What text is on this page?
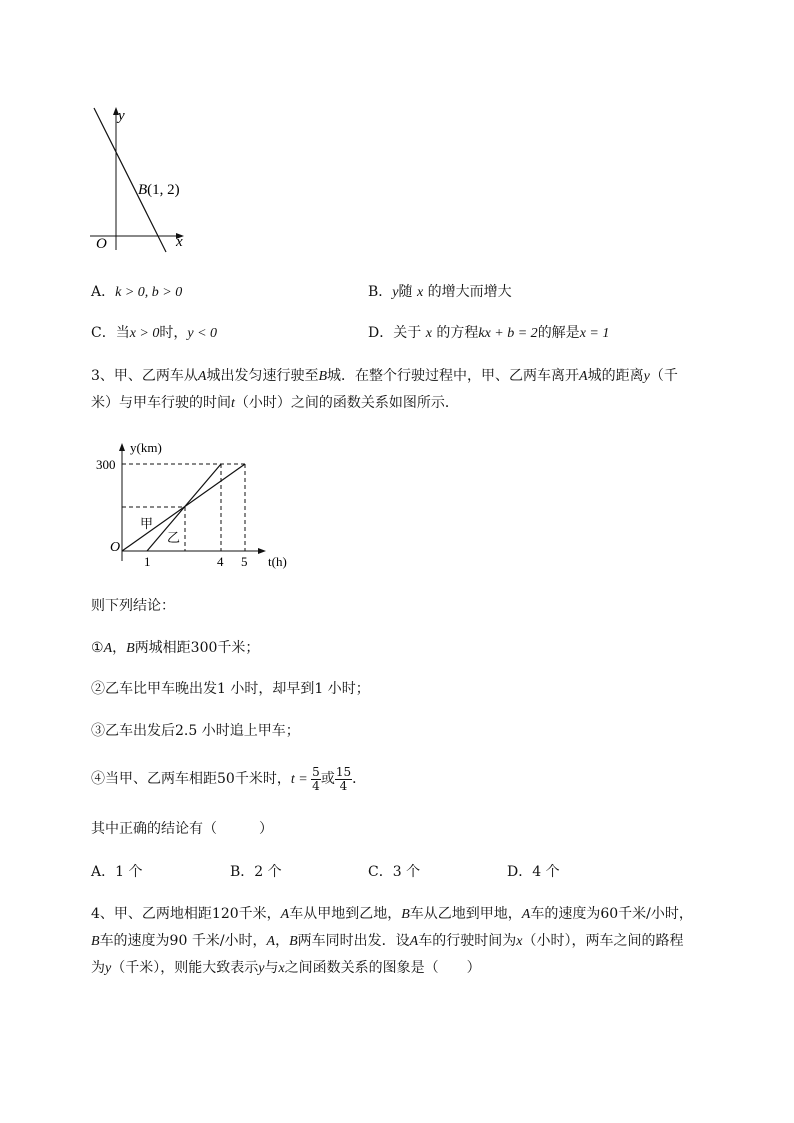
y
x
O
B(1, 2)
A．k > 0, b > 0	B．y随 x 的增大而增大
C．当x > 0时，y < 0	D．关于 x 的方程kx + b = 2的解是x = 1
3、甲、乙两车从A城出发匀速行驶至B城．在整个行驶过程中，甲、乙两车离开A城的距离y（千
米）与甲车行驶的时间t（小时）之间的函数关系如图所示．
y(km)
t(h)
O
300
1	4 5
甲
乙
则下列结论：
①A，B两城相距300千米；
②乙车比甲车晚出发1 小时，却早到1 小时；
③乙车出发后2.5 小时追上甲车；
④当甲、乙两车相距50千米时，$t = \frac{5}{4}$ 或 $\frac{15}{4}$ ．
其中正确的结论有（　　　）
A．1 个	B．2 个	C．3 个	D．4 个
4、甲、乙两地相距120千米，A车从甲地到乙地，B车从乙地到甲地，A车的速度为60千米/小时，
B车的速度为90 千米/小时，A，B两车同时出发．设A车的行驶时间为x（小时），两车之间的路程
为y（千米），则能大致表示y与x之间函数关系的图象是（　　）
